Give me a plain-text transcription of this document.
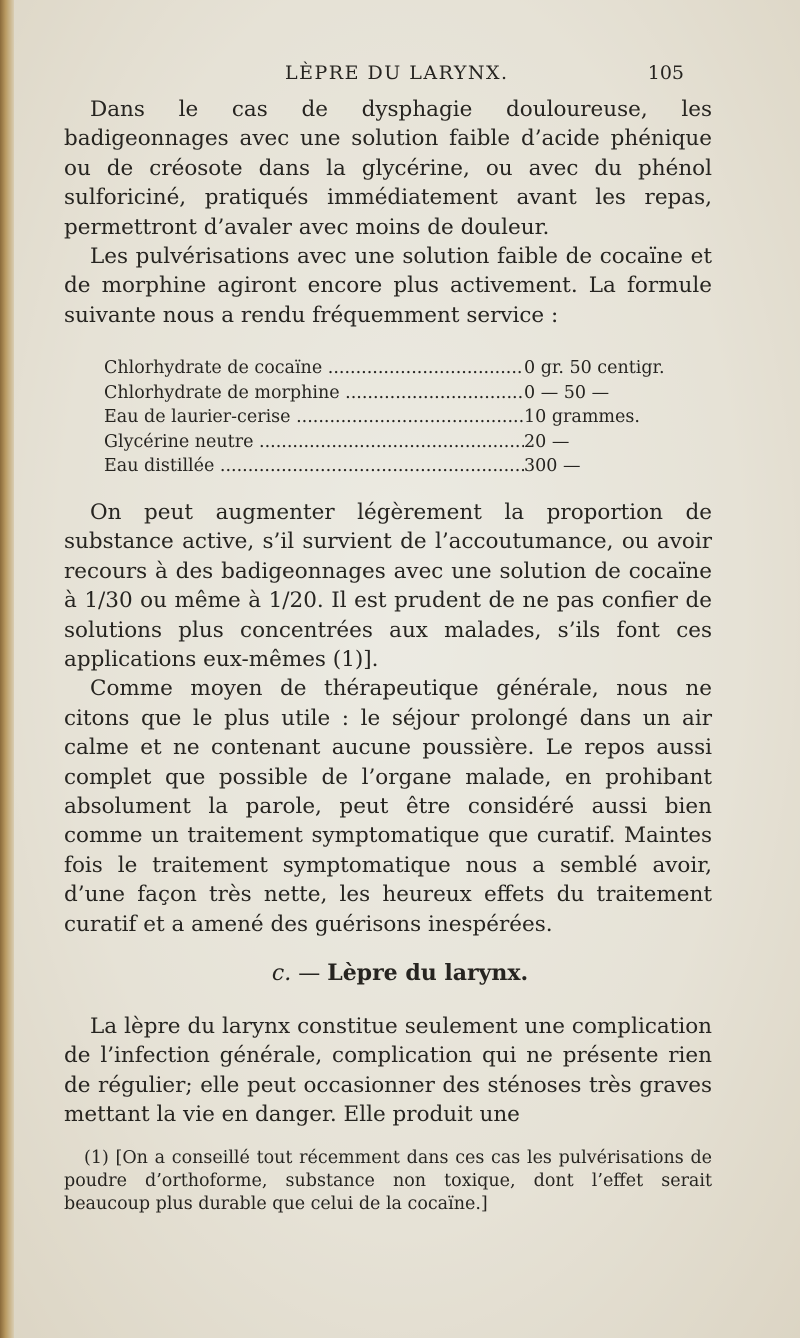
LÈPRE DU LARYNX.	105

Dans le cas de dysphagie douloureuse, les badigeonnages avec une solution faible d’acide phénique ou de créosote dans la glycérine, ou avec du phénol sulforiciné, pratiqués immédiatement avant les repas, permettront d’avaler avec moins de douleur.

Les pulvérisations avec une solution faible de cocaïne et de morphine agiront encore plus activement. La formule suivante nous a rendu fréquemment service :

Chlorhydrate de cocaïne .....	0 gr. 50 centigr.
Chlorhydrate de morphine .....	0 — 50 —
Eau de laurier-cerise .....	10 grammes.
Glycérine neutre .....	20 —
Eau distillée .....	300 —

On peut augmenter légèrement la proportion de substance active, s’il survient de l’accoutumance, ou avoir recours à des badigeonnages avec une solution de cocaïne à 1/30 ou même à 1/20. Il est prudent de ne pas confier de solutions plus concentrées aux malades, s’ils font ces applications eux-mêmes (1)].

Comme moyen de thérapeutique générale, nous ne citons que le plus utile : le séjour prolongé dans un air calme et ne contenant aucune poussière. Le repos aussi complet que possible de l’organe malade, en prohibant absolument la parole, peut être considéré aussi bien comme un traitement symptomatique que curatif. Maintes fois le traitement symptomatique nous a semblé avoir, d’une façon très nette, les heureux effets du traitement curatif et a amené des guérisons inespérées.

c. — Lèpre du larynx.

La lèpre du larynx constitue seulement une complication de l’infection générale, complication qui ne présente rien de régulier; elle peut occasionner des sténoses très graves mettant la vie en danger. Elle produit une

(1) [On a conseillé tout récemment dans ces cas les pulvérisations de poudre d’orthoforme, substance non toxique, dont l’effet serait beaucoup plus durable que celui de la cocaïne.]
